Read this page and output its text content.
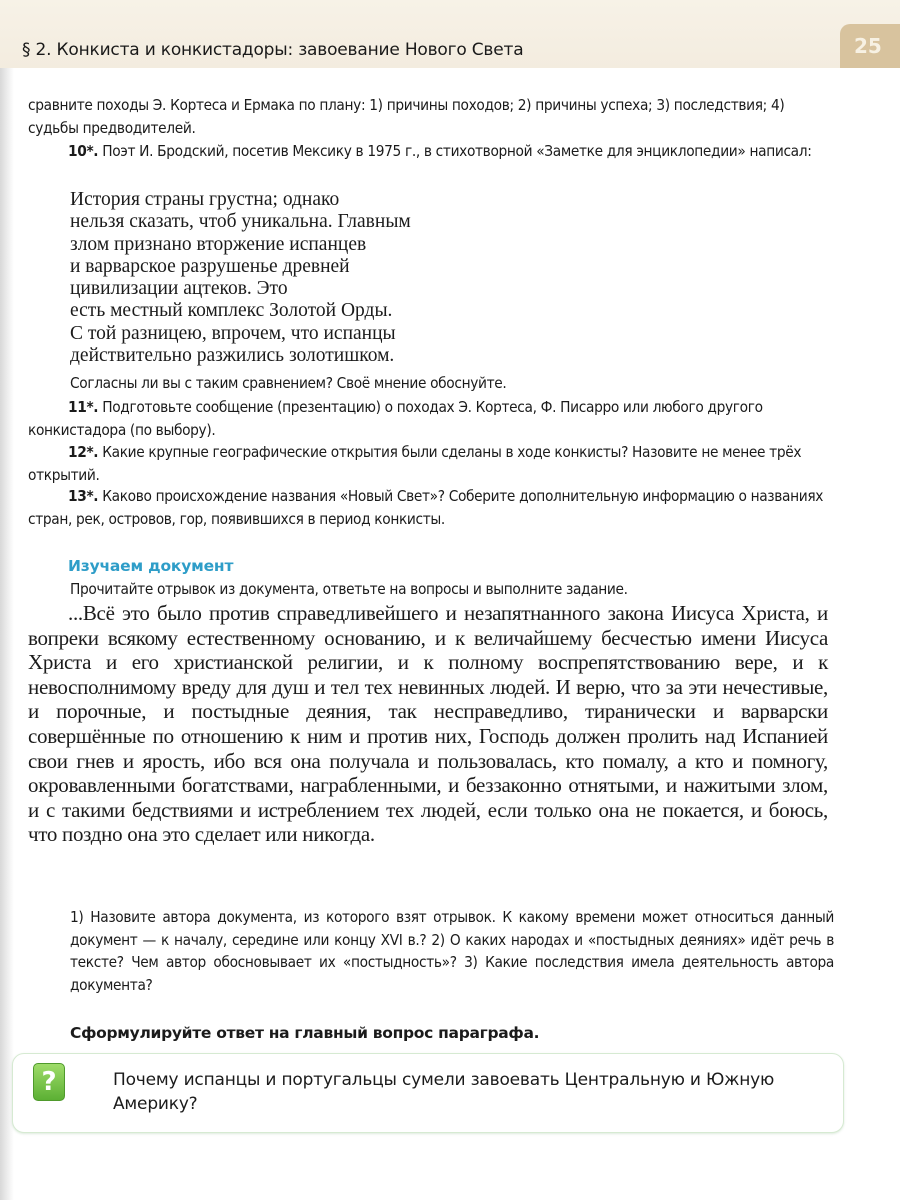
§ 2. Конкиста и конкистадоры: завоевание Нового Света	25

сравните походы Э. Кортеса и Ермака по плану: 1) причины походов; 2) причины успеха; 3) последствия; 4) судьбы предводителей.

10*. Поэт И. Бродский, посетив Мексику в 1975 г., в стихотворной «Заметке для энциклопедии» написал:

История страны грустна; однако
нельзя сказать, чтоб уникальна. Главным
злом признано вторжение испанцев
и варварское разрушенье древней
цивилизации ацтеков. Это
есть местный комплекс Золотой Орды.
С той разницею, впрочем, что испанцы
действительно разжились золотишком.

Согласны ли вы с таким сравнением? Своё мнение обоснуйте.

11*. Подготовьте сообщение (презентацию) о походах Э. Кортеса, Ф. Писарро или любого другого конкистадора (по выбору).

12*. Какие крупные географические открытия были сделаны в ходе конкисты? Назовите не менее трёх открытий.

13*. Каково происхождение названия «Новый Свет»? Соберите дополнительную информацию о названиях стран, рек, островов, гор, появившихся в период конкисты.

Изучаем документ

Прочитайте отрывок из документа, ответьте на вопросы и выполните задание.

...Всё это было против справедливейшего и незапятнанного закона Иисуса Христа, и вопреки всякому естественному основанию, и к величайшему бесчестью имени Иисуса Христа и его христианской религии, и к полному воспрепятствованию вере, и к невосполнимому вреду для душ и тел тех невинных людей. И верю, что за эти нечестивые, и порочные, и постыдные деяния, так несправедливо, тиранически и варварски совершённые по отношению к ним и против них, Господь должен пролить над Испанией свои гнев и ярость, ибо вся она получала и пользовалась, кто помалу, а кто и помногу, окровавленными богатствами, награбленными, и беззаконно отнятыми, и нажитыми злом, и с такими бедствиями и истреблением тех людей, если только она не покается, и боюсь, что поздно она это сделает или никогда.

1) Назовите автора документа, из которого взят отрывок. К какому времени может относиться данный документ — к началу, середине или концу XVI в.? 2) О каких народах и «постыдных деяниях» идёт речь в тексте? Чем автор обосновывает их «постыдность»? 3) Какие последствия имела деятельность автора документа?

Сформулируйте ответ на главный вопрос параграфа.
?	Почему испанцы и португальцы сумели завоевать Центральную и Южную Америку?
